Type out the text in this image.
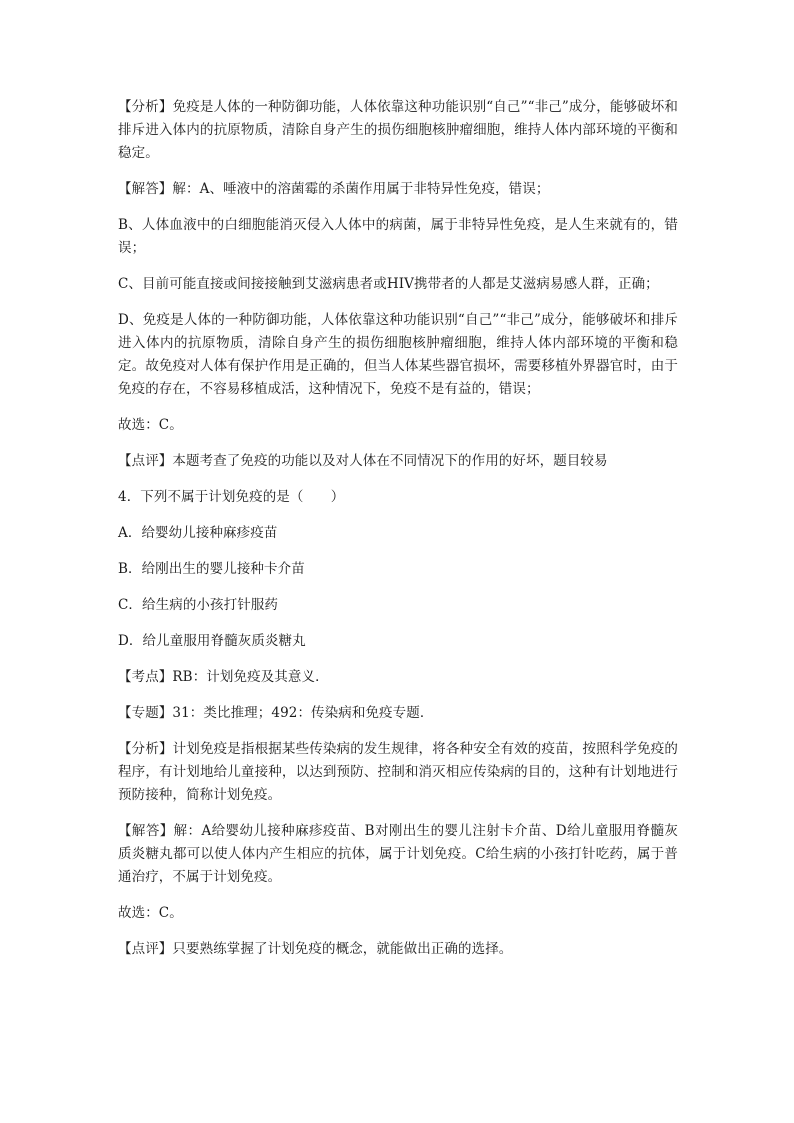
【分析】免疫是人体的一种防御功能，人体依靠这种功能识别“自己”“非己”成分，能够破坏和排斥进入体内的抗原物质，清除自身产生的损伤细胞核肿瘤细胞，维持人体内部环境的平衡和稳定。

【解答】解：A、唾液中的溶菌霉的杀菌作用属于非特异性免疫，错误；

B、人体血液中的白细胞能消灭侵入人体中的病菌，属于非特异性免疫，是人生来就有的，错误；

C、目前可能直接或间接接触到艾滋病患者或HIV携带者的人都是艾滋病易感人群，正确；

D、免疫是人体的一种防御功能，人体依靠这种功能识别“自己”“非己”成分，能够破坏和排斥进入体内的抗原物质，清除自身产生的损伤细胞核肿瘤细胞，维持人体内部环境的平衡和稳定。故免疫对人体有保护作用是正确的，但当人体某些器官损坏，需要移植外界器官时，由于免疫的存在，不容易移植成活，这种情况下，免疫不是有益的，错误；

故选：C。

【点评】本题考查了免疫的功能以及对人体在不同情况下的作用的好坏，题目较易

4．下列不属于计划免疫的是（　　）

A．给婴幼儿接种麻疹疫苗

B．给刚出生的婴儿接种卡介苗

C．给生病的小孩打针服药

D．给儿童服用脊髓灰质炎糖丸

【考点】RB：计划免疫及其意义．

【专题】31：类比推理；492：传染病和免疫专题．

【分析】计划免疫是指根据某些传染病的发生规律，将各种安全有效的疫苗，按照科学免疫的程序，有计划地给儿童接种，以达到预防、控制和消灭相应传染病的目的，这种有计划地进行预防接种，简称计划免疫。

【解答】解：A给婴幼儿接种麻疹疫苗、B对刚出生的婴儿注射卡介苗、D给儿童服用脊髓灰质炎糖丸都可以使人体内产生相应的抗体，属于计划免疫。C给生病的小孩打针吃药，属于普通治疗，不属于计划免疫。

故选：C。

【点评】只要熟练掌握了计划免疫的概念，就能做出正确的选择。
